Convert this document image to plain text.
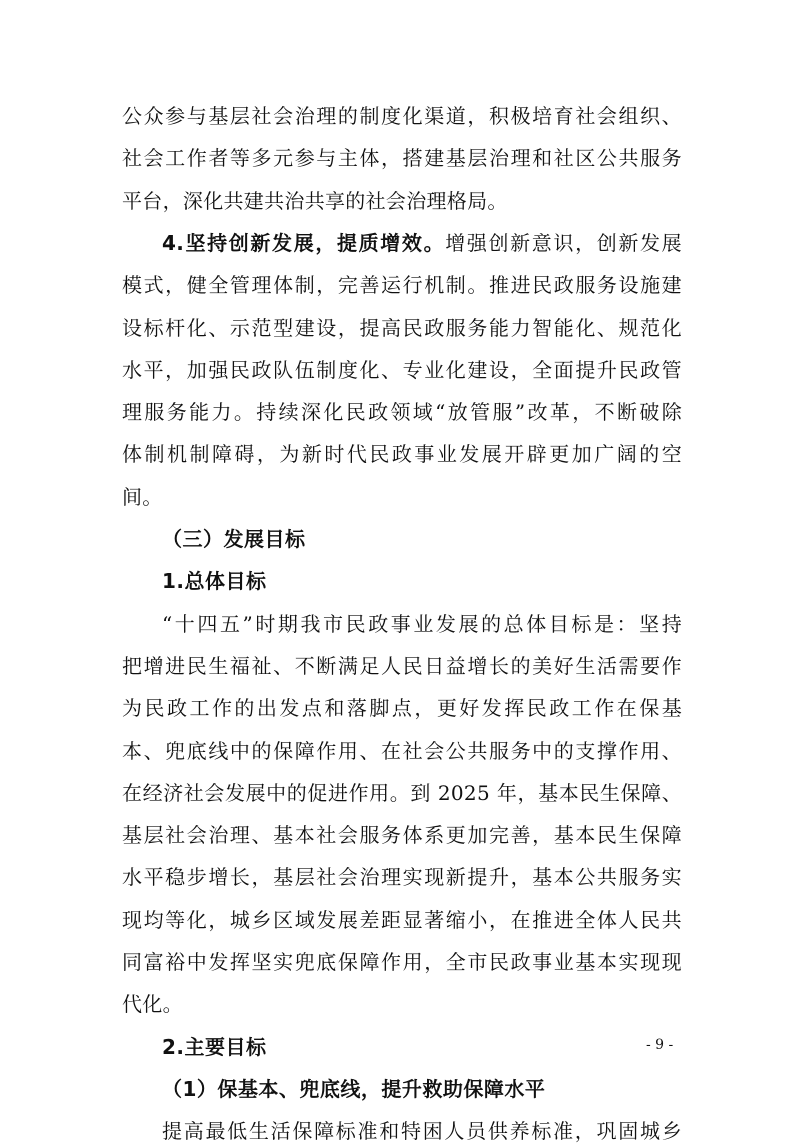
公众参与基层社会治理的制度化渠道，积极培育社会组织、
社会工作者等多元参与主体，搭建基层治理和社区公共服务
平台，深化共建共治共享的社会治理格局。
4.坚持创新发展，提质增效。增强创新意识，创新发展
模式，健全管理体制，完善运行机制。推进民政服务设施建
设标杆化、示范型建设，提高民政服务能力智能化、规范化
水平，加强民政队伍制度化、专业化建设，全面提升民政管
理服务能力。持续深化民政领域“放管服”改革，不断破除
体制机制障碍，为新时代民政事业发展开辟更加广阔的空
间。
（三）发展目标
1.总体目标
“十四五”时期我市民政事业发展的总体目标是：坚持
把增进民生福祉、不断满足人民日益增长的美好生活需要作
为民政工作的出发点和落脚点，更好发挥民政工作在保基
本、兜底线中的保障作用、在社会公共服务中的支撑作用、
在经济社会发展中的促进作用。到 2025 年，基本民生保障、
基层社会治理、基本社会服务体系更加完善，基本民生保障
水平稳步增长，基层社会治理实现新提升，基本公共服务实
现均等化，城乡区域发展差距显著缩小，在推进全体人民共
同富裕中发挥坚实兜底保障作用，全市民政事业基本实现现
代化。
- 9 -
2.主要目标
（1）保基本、兜底线，提升救助保障水平
提高最低生活保障标准和特困人员供养标准，巩固城乡
